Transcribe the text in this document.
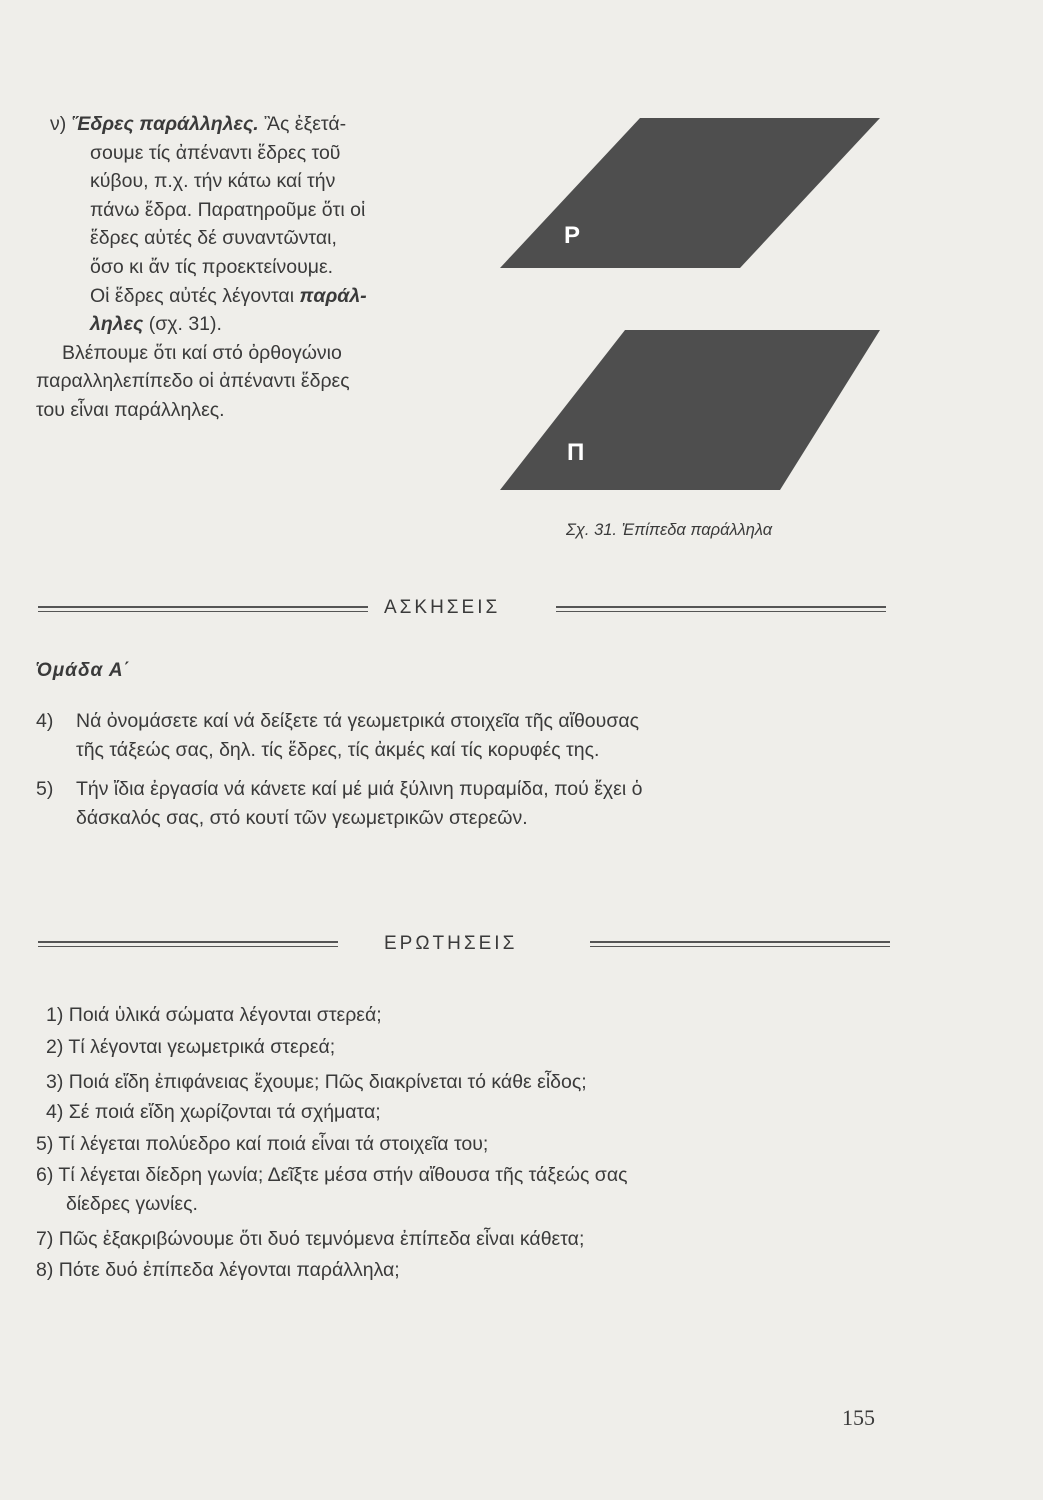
ν) Ἕδρες παράλληλες. Ἂς ἐξετά-
σουμε τίς ἀπέναντι ἕδρες τοῦ
κύβου, π.χ. τήν κάτω καί τήν
πάνω ἕδρα. Παρατηροῦμε ὅτι οἱ
ἕδρες αὐτές δέ συναντῶνται,
ὅσο κι ἄν τίς προεκτείνουμε.
Οἱ ἕδρες αὐτές λέγονται παράλ-
ληλες (σχ. 31).
Βλέπουμε ὅτι καί στό ὀρθογώνιο
παραλληλεπίπεδο οἱ ἀπέναντι ἕδρες
του εἶναι παράλληλες.
P
Π
Σχ. 31. Ἐπίπεδα παράλληλα
ΑΣΚΗΣΕΙΣ
Ὁμάδα Α΄
4)	Νά ὀνομάσετε καί νά δείξετε τά γεωμετρικά στοιχεῖα τῆς αἴθουσας
τῆς τάξεώς σας, δηλ. τίς ἕδρες, τίς ἀκμές καί τίς κορυφές της.
5)	Τήν ἴδια ἐργασία νά κάνετε καί μέ μιά ξύλινη πυραμίδα, πού ἔχει ὁ
δάσκαλός σας, στό κουτί τῶν γεωμετρικῶν στερεῶν.
ΕΡΩΤΗΣΕΙΣ
1) Ποιά ὑλικά σώματα λέγονται στερεά;
2) Τί λέγονται γεωμετρικά στερεά;
3) Ποιά εἴδη ἐπιφάνειας ἔχουμε; Πῶς διακρίνεται τό κάθε εἶδος;
4) Σέ ποιά εἴδη χωρίζονται τά σχήματα;
5) Τί λέγεται πολύεδρο καί ποιά εἶναι τά στοιχεῖα του;
6) Τί λέγεται δίεδρη γωνία; Δεῖξτε μέσα στήν αἴθουσα τῆς τάξεώς σας
δίεδρες γωνίες.
7) Πῶς ἐξακριβώνουμε ὅτι δυό τεμνόμενα ἐπίπεδα εἶναι κάθετα;
8) Πότε δυό ἐπίπεδα λέγονται παράλληλα;
155
